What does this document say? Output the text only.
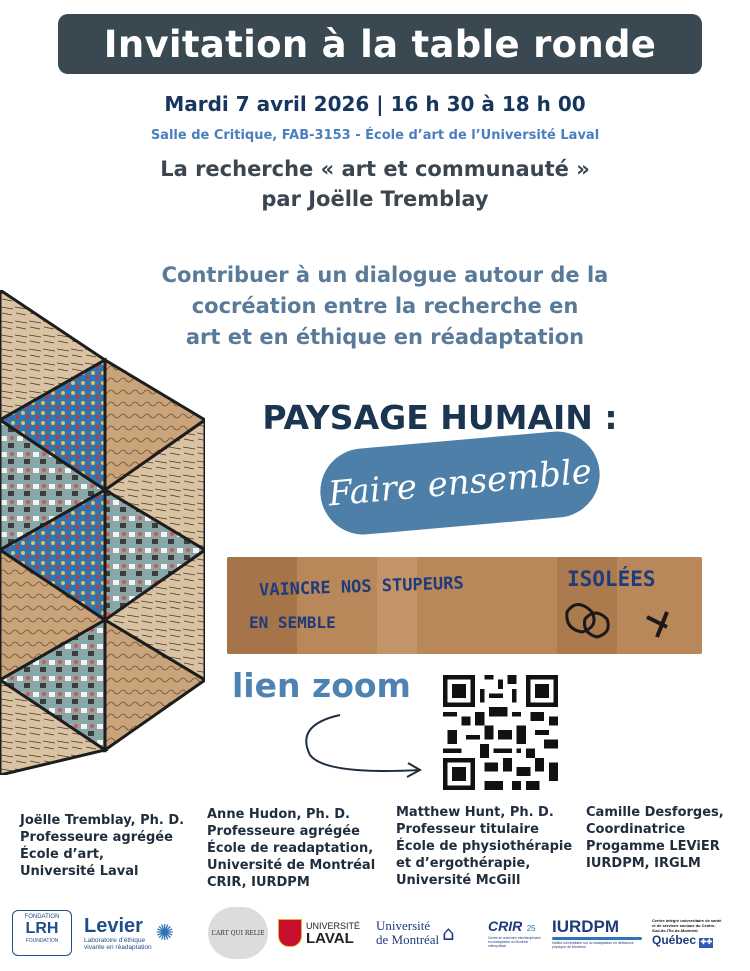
Invitation à la table ronde
Mardi 7 avril 2026 | 16 h 30 à 18 h 00
Salle de Critique, FAB-3153 - École d’art de l’Université Laval
La recherche « art et communauté »
par Joëlle Tremblay
Contribuer à un dialogue autour de la
cocréation entre la recherche en
art et en éthique en réadaptation
PAYSAGE HUMAIN :
Faire ensemble
VAINCRE NOS STUPEURS	ISOLÉES
EN SEMBLE
lien zoom
Joëlle Tremblay, Ph. D.
Professeure agrégée
École d’art,
Université Laval
Anne Hudon, Ph. D.
Professeure agrégée
École de readaptation,
Université de Montréal
CRIR, IURDPM
Matthew Hunt, Ph. D.
Professeur titulaire
École de physiothérapie
et d’ergothérapie,
Université McGill
Camille Desforges,
Coordinatrice
Progamme LEViER
IURDPM, IRGLM
FONDATION
LRH
FOUNDATION
Levier
Laboratoire d’éthique
vivante en réadaptation
✺	L’ART QUI RELIE
UNIVERSITÉ
LAVAL
Université
de Montréal ⌂ CRIR 25
Centre de recherche interdisciplinaire en réadaptation du Montréal métropolitain
IURDPM
Institut universitaire sur la réadaptation en déficience physique de Montréal
Centre intégré universitaire de santé et de services sociaux du Centre-Sud-de-l’Île-de-Montréal
Québec ✚✚
